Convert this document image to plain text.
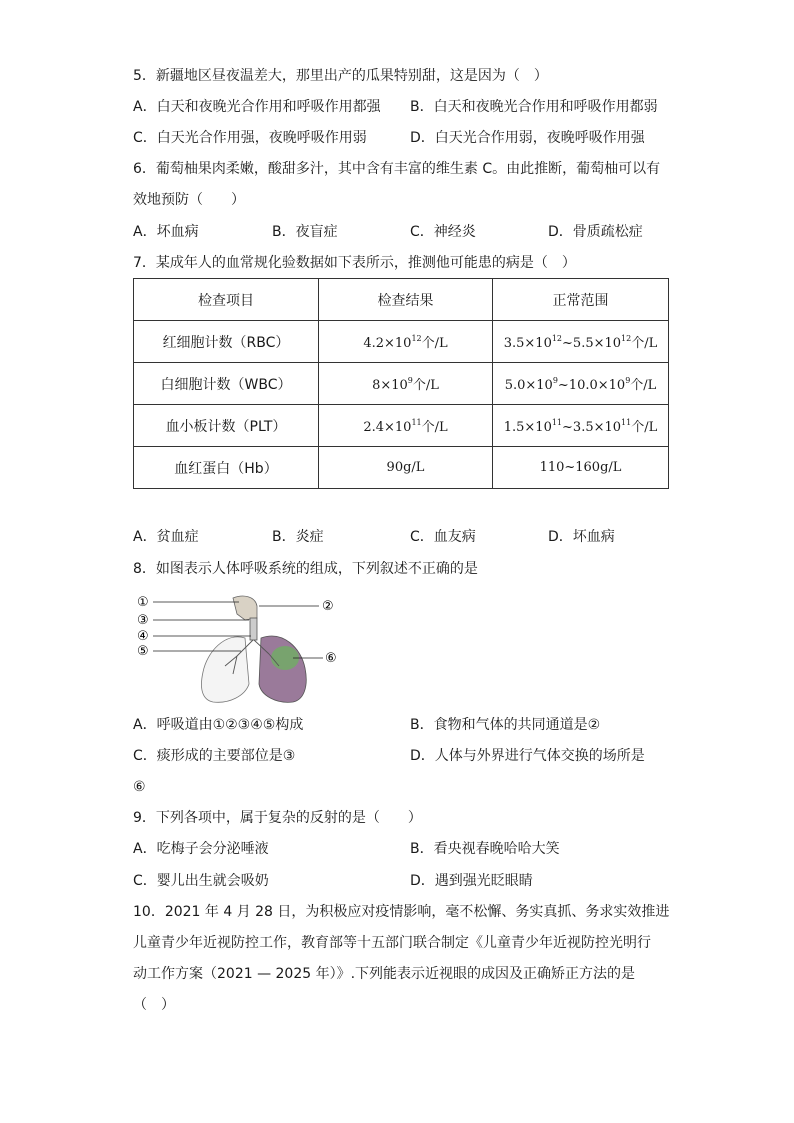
5．新疆地区昼夜温差大，那里出产的瓜果特别甜，这是因为（　）
A．白天和夜晚光合作用和呼吸作用都强 B．白天和夜晚光合作用和呼吸作用都弱
C．白天光合作用强，夜晚呼吸作用弱	D．白天光合作用弱，夜晚呼吸作用强
6．葡萄柚果肉柔嫩，酸甜多汁，其中含有丰富的维生素 C。由此推断，葡萄柚可以有
效地预防（　　）
A．坏血病	B．夜盲症	C．神经炎	D．骨质疏松症
7．某成年人的血常规化验数据如下表所示，推测他可能患的病是（　）
检查项目	检查结果	正常范围
红细胞计数（RBC）	$4.2\times 10^{12}$个/L	$3.5\times 10^{12}\sim 5.5\times 10^{12}$个/L
白细胞计数（WBC）	$8\times 10^9$个/L	$5.0\times 10^9\sim 10.0\times 10^9$个/L
血小板计数（PLT）	$2.4\times 10^{11}$个/L	$1.5\times 10^{11}\sim 3.5\times 10^{11}$个/L
血红蛋白（Hb）	90g/L	110~160g/L
A．贫血症	B．炎症	C．血友病	D．坏血病
8．如图表示人体呼吸系统的组成，下列叙述不正确的是
①	②
③
④
⑤	⑥
A．呼吸道由①②③④⑤构成	B．食物和气体的共同通道是②
C．痰形成的主要部位是③	D．人体与外界进行气体交换的场所是
⑥
9．下列各项中，属于复杂的反射的是（　　）
A．吃梅子会分泌唾液	B．看央视春晚哈哈大笑
C．婴儿出生就会吸奶	D．遇到强光眨眼睛
10．2021 年 4 月 28 日，为积极应对疫情影响，毫不松懈、务实真抓、务求实效推进
儿童青少年近视防控工作，教育部等十五部门联合制定《儿童青少年近视防控光明行
动工作方案（2021 — 2025 年）》.下列能表示近视眼的成因及正确矫正方法的是
（　）
